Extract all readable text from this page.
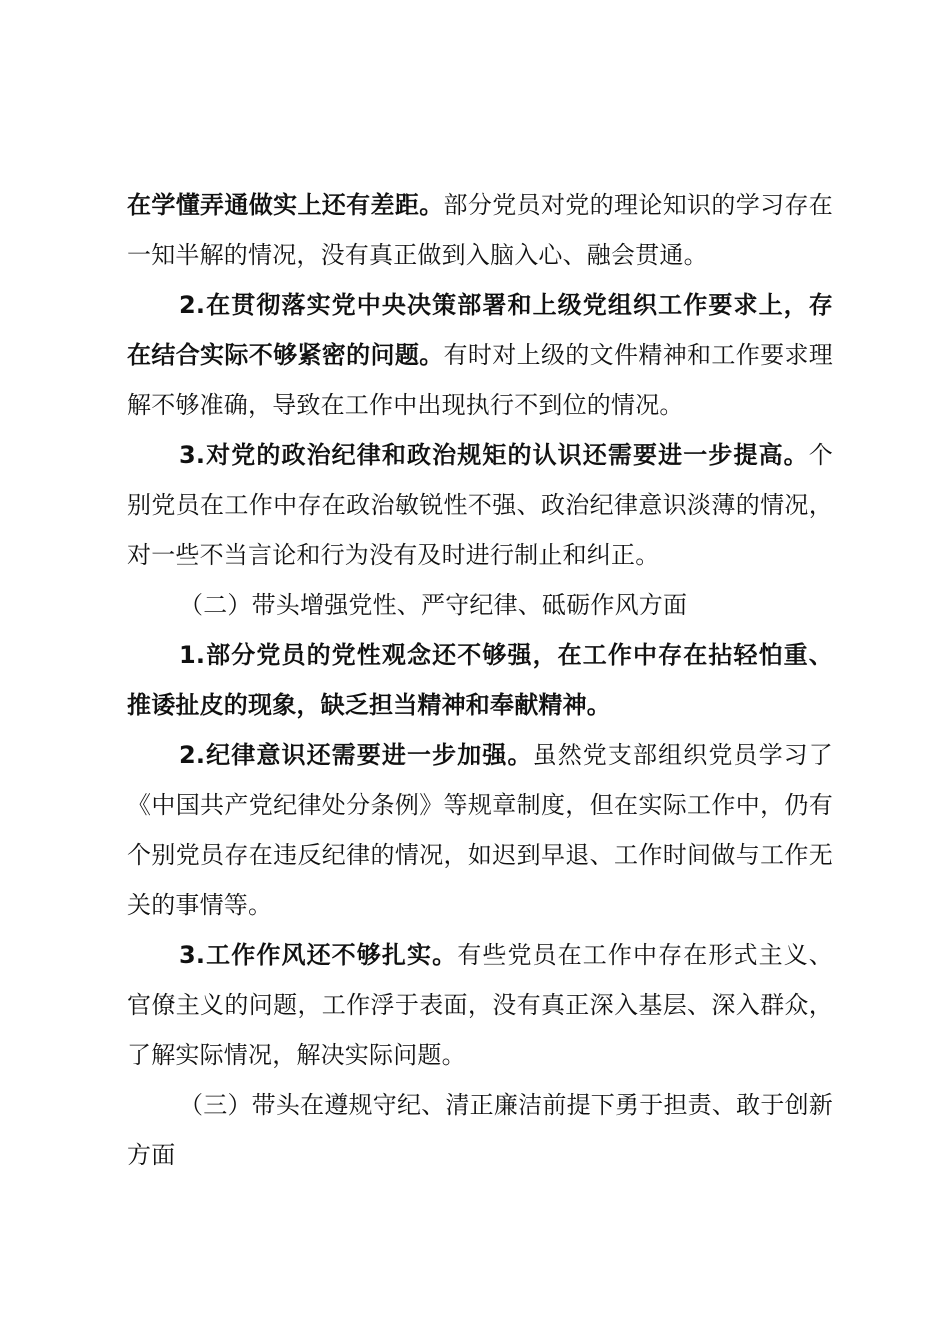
在学懂弄通做实上还有差距。部分党员对党的理论知识的学习存在一知半解的情况，没有真正做到入脑入心、融会贯通。

2.在贯彻落实党中央决策部署和上级党组织工作要求上，存在结合实际不够紧密的问题。有时对上级的文件精神和工作要求理解不够准确，导致在工作中出现执行不到位的情况。

3.对党的政治纪律和政治规矩的认识还需要进一步提高。个别党员在工作中存在政治敏锐性不强、政治纪律意识淡薄的情况，对一些不当言论和行为没有及时进行制止和纠正。

（二）带头增强党性、严守纪律、砥砺作风方面

1.部分党员的党性观念还不够强，在工作中存在拈轻怕重、推诿扯皮的现象，缺乏担当精神和奉献精神。

2.纪律意识还需要进一步加强。虽然党支部组织党员学习了《中国共产党纪律处分条例》等规章制度，但在实际工作中，仍有个别党员存在违反纪律的情况，如迟到早退、工作时间做与工作无关的事情等。

3.工作作风还不够扎实。有些党员在工作中存在形式主义、官僚主义的问题，工作浮于表面，没有真正深入基层、深入群众，了解实际情况，解决实际问题。

（三）带头在遵规守纪、清正廉洁前提下勇于担责、敢于创新方面
